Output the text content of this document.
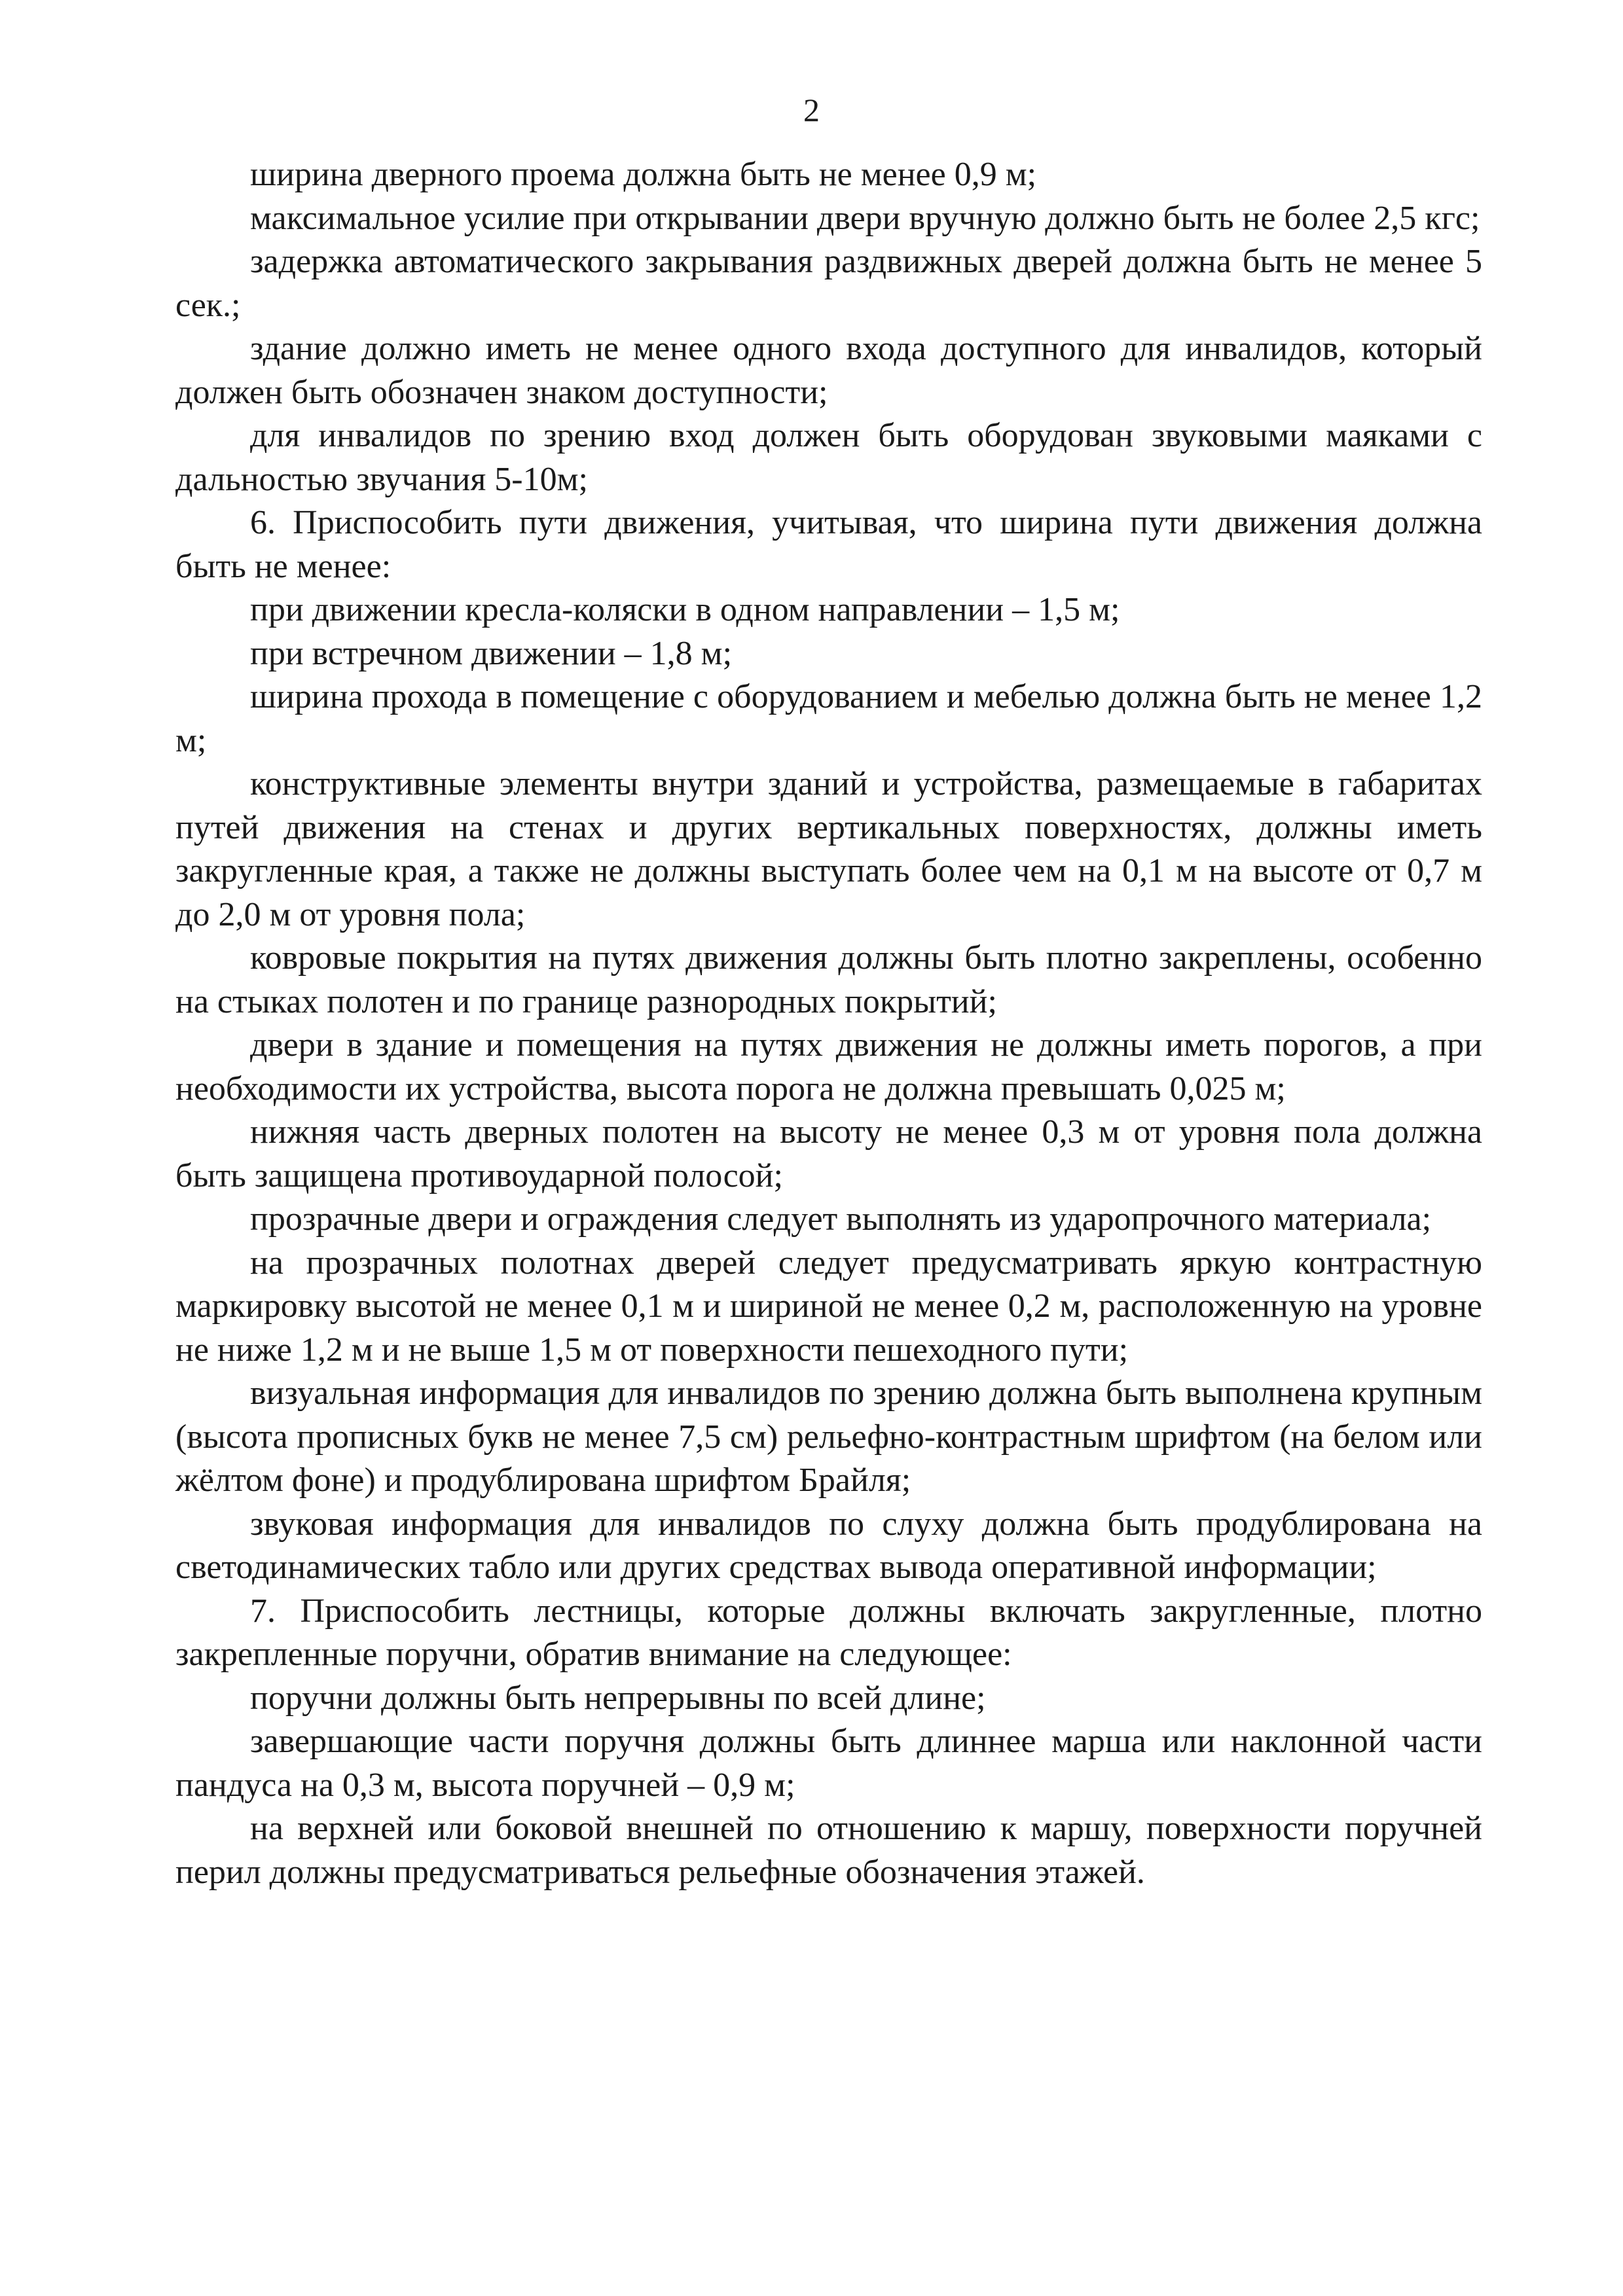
2

ширина дверного проема должна быть не менее 0,9 м;

максимальное усилие при открывании двери вручную должно быть не более 2,5 кгс;

задержка автоматического закрывания раздвижных дверей должна быть не менее 5 сек.;

здание должно иметь не менее одного входа доступного для инвалидов, который должен быть обозначен знаком доступности;

для инвалидов по зрению вход должен быть оборудован звуковыми маяками с дальностью звучания 5-10м;

6. Приспособить пути движения, учитывая, что ширина пути движения должна быть не менее:

при движении кресла-коляски в одном направлении – 1,5 м;

при встречном движении – 1,8 м;

ширина прохода в помещение с оборудованием и мебелью должна быть не менее 1,2 м;

конструктивные элементы внутри зданий и устройства, размещаемые в габаритах путей движения на стенах и других вертикальных поверхностях, должны иметь закругленные края, а также не должны выступать более чем на 0,1 м на высоте от 0,7 м до 2,0 м от уровня пола;

ковровые покрытия на путях движения должны быть плотно закреплены, особенно на стыках полотен и по границе разнородных покрытий;

двери в здание и помещения на путях движения не должны иметь порогов, а при необходимости их устройства, высота порога не должна превышать 0,025 м;

нижняя часть дверных полотен на высоту не менее 0,3 м от уровня пола должна быть защищена противоударной полосой;

прозрачные двери и ограждения следует выполнять из ударопрочного материала;

на прозрачных полотнах дверей следует предусматривать яркую контрастную маркировку высотой не менее 0,1 м и шириной не менее 0,2 м, расположенную на уровне не ниже 1,2 м и не выше 1,5 м от поверхности пешеходного пути;

визуальная информация для инвалидов по зрению должна быть выполнена крупным (высота прописных букв не менее 7,5 см) рельефно-контрастным шрифтом (на белом или жёлтом фоне) и продублирована шрифтом Брайля;

звуковая информация для инвалидов по слуху должна быть продублирована на светодинамических табло или других средствах вывода оперативной информации;

7. Приспособить лестницы, которые должны включать закругленные, плотно закрепленные поручни, обратив внимание на следующее:

поручни должны быть непрерывны по всей длине;

завершающие части поручня должны быть длиннее марша или наклонной части пандуса на 0,3 м, высота поручней – 0,9 м;

на верхней или боковой внешней по отношению к маршу, поверхности поручней перил должны предусматриваться рельефные обозначения этажей.
